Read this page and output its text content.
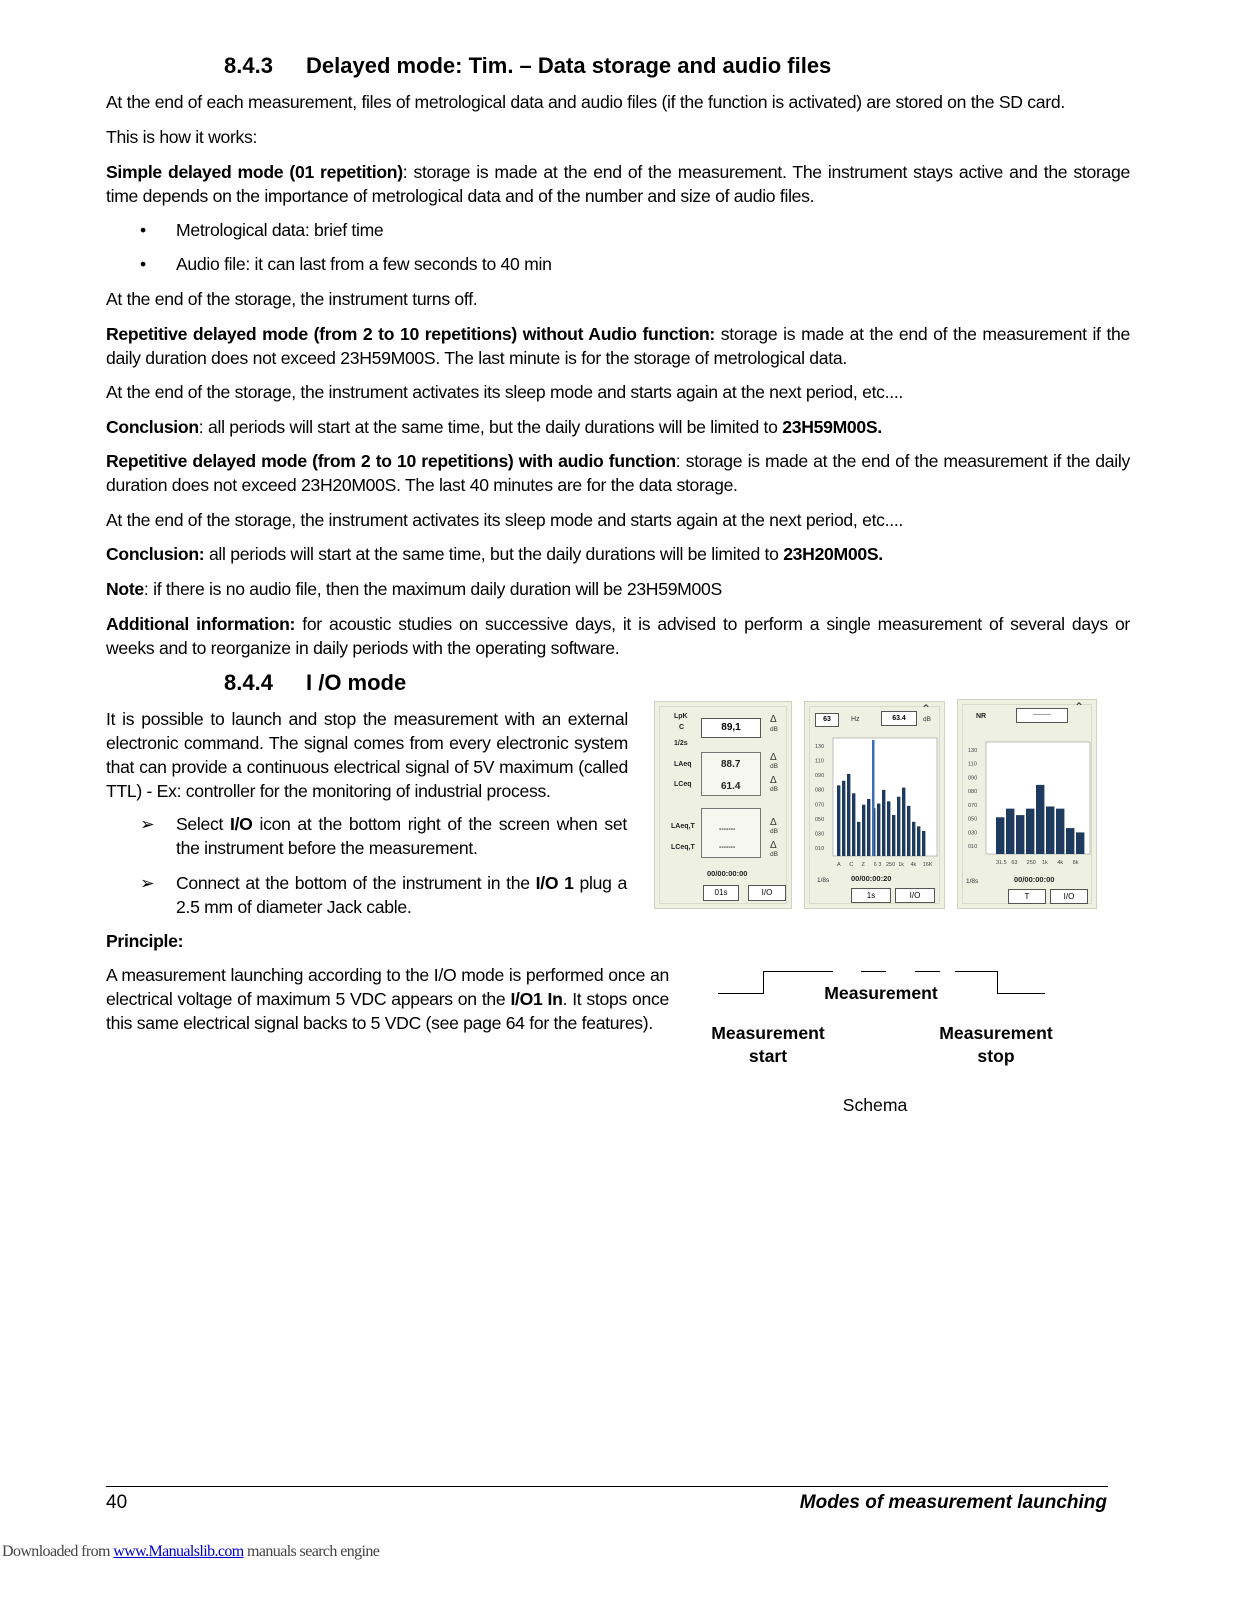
8.4.3 Delayed mode: Tim. – Data storage and audio files
At the end of each measurement, files of metrological data and audio files (if the function is activated) are stored on the SD card.
This is how it works:
Simple delayed mode (01 repetition): storage is made at the end of the measurement. The instrument stays active and the storage time depends on the importance of metrological data and of the number and size of audio files.
• Metrological data: brief time
• Audio file: it can last from a few seconds to 40 min
At the end of the storage, the instrument turns off.
Repetitive delayed mode (from 2 to 10 repetitions) without Audio function: storage is made at the end of the measurement if the daily duration does not exceed 23H59M00S. The last minute is for the storage of metrological data.
At the end of the storage, the instrument activates its sleep mode and starts again at the next period, etc....
Conclusion: all periods will start at the same time, but the daily durations will be limited to 23H59M00S.
Repetitive delayed mode (from 2 to 10 repetitions) with audio function: storage is made at the end of the measurement if the daily duration does not exceed 23H20M00S. The last 40 minutes are for the data storage.
At the end of the storage, the instrument activates its sleep mode and starts again at the next period, etc....
Conclusion: all periods will start at the same time, but the daily durations will be limited to 23H20M00S.
Note: if there is no audio file, then the maximum daily duration will be 23H59M00S
Additional information: for acoustic studies on successive days, it is advised to perform a single measurement of several days or weeks and to reorganize in daily periods with the operating software.
8.4.4 I /O mode
It is possible to launch and stop the measurement with an external electronic command. The signal comes from every electronic system that can provide a continuous electrical signal of 5V maximum (called TTL) - Ex: controller for the monitoring of industrial process.
➢ Select I/O icon at the bottom right of the screen when set the instrument before the measurement.
➢ Connect at the bottom of the instrument in the I/O 1 plug a 2.5 mm of diameter Jack cable.
Principle:
A measurement launching according to the I/O mode is performed once an electrical voltage of maximum 5 VDC appears on the I/O1 In. It stops once this same electrical signal backs to 5 VDC (see page 64 for the features).
LpK
C	89,1
Δ
dB
1/2s
LAeq	88.7
Δ
dB
LCeq	61.4
Δ
dB
LAeq,T	-------
Δ
dB
LCeq,T	-------	Δ
dB
00/00:00:00
01s	I/O
63	Hz	63.4	dB
⌃
130
110
090
080
070
050
030
010
A C Z 6 3 250 1k 4k 16K
1/8s	00/00:00:20
1s	I/O
NR	---------
⌃
130
110
090
080
070
050
030
010
31.5 63 250 1k 4k 8k
1/8s	00/00:00:00
T	I/O
Measurement
Measurement
start
Measurement
stop
Schema
40	Modes of measurement launching
Downloaded from www.Manualslib.com manuals search engine
